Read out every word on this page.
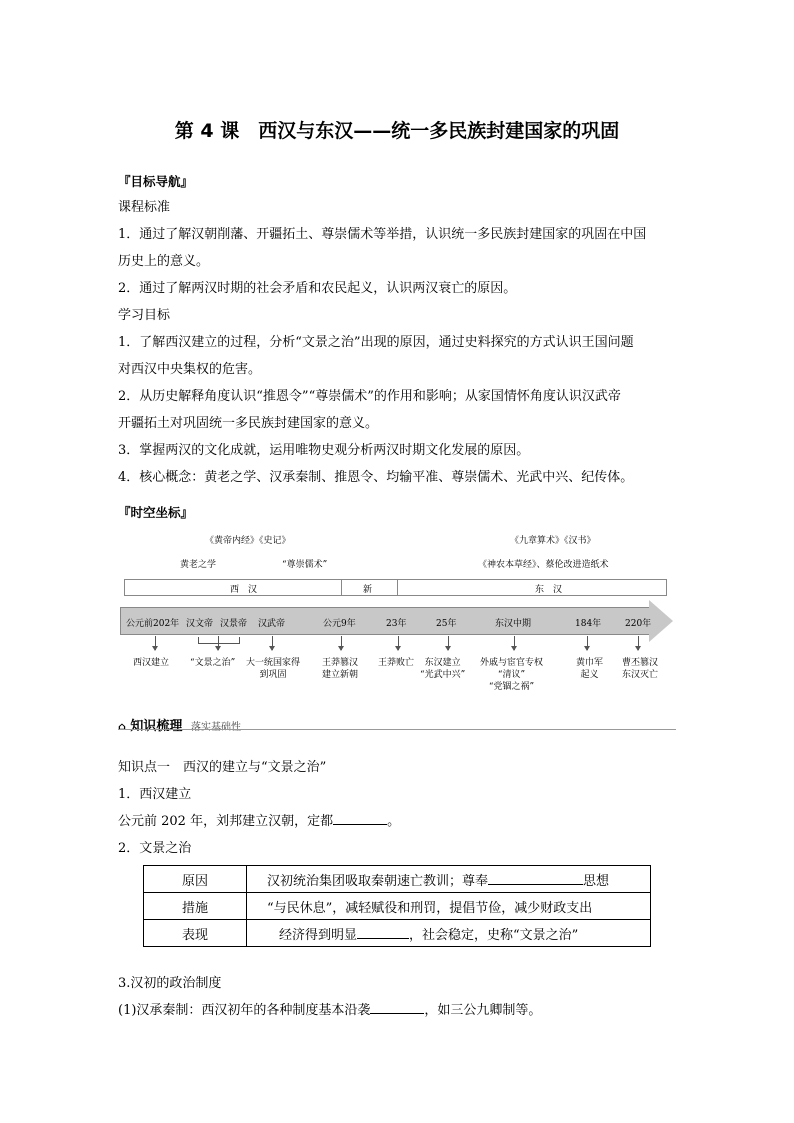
第 4 课　西汉与东汉——统一多民族封建国家的巩固
『目标导航』
课程标准
1．通过了解汉朝削藩、开疆拓土、尊崇儒术等举措，认识统一多民族封建国家的巩固在中国
历史上的意义。
2．通过了解两汉时期的社会矛盾和农民起义，认识两汉衰亡的原因。
学习目标
1．了解西汉建立的过程，分析“文景之治”出现的原因，通过史料探究的方式认识王国问题
对西汉中央集权的危害。
2．从历史解释角度认识“推恩令”“尊崇儒术”的作用和影响；从家国情怀角度认识汉武帝
开疆拓土对巩固统一多民族封建国家的意义。
3．掌握两汉的文化成就，运用唯物史观分析两汉时期文化发展的原因。
4．核心概念：黄老之学、汉承秦制、推恩令、均输平准、尊崇儒术、光武中兴、纪传体。
『时空坐标』
《黄帝内经》《史记》
黄老之学	“尊崇儒术”
《九章算术》《汉书》
《神农本草经》、蔡伦改进造纸术
西　汉	新	东　汉
公元前202年 汉文帝 汉景帝 汉武帝	公元9年	23年	25年	东汉中期	184年	220年
西汉建立 “文景之治” 大一统国家得
到巩固
王莽篡汉
建立新朝
王莽败亡	东汉建立
“光武中兴”
外戚与宦官专权
“清议”
“党锢之祸”
黄巾军
起义
曹丕篡汉
东汉灭亡
⌂ 知识梳理 落实基础性
知识点一　西汉的建立与“文景之治”
1．西汉建立
公元前 202 年，刘邦建立汉朝，定都	。
2．文景之治
原因	汉初统治集团吸取秦朝速亡教训；尊奉 思想
措施	“与民休息”，减轻赋役和刑罚，提倡节俭，减少财政支出
表现	经济得到明显 ，社会稳定，史称“文景之治”
3.汉初的政治制度
(1)汉承秦制：西汉初年的各种制度基本沿袭	，如三公九卿制等。
